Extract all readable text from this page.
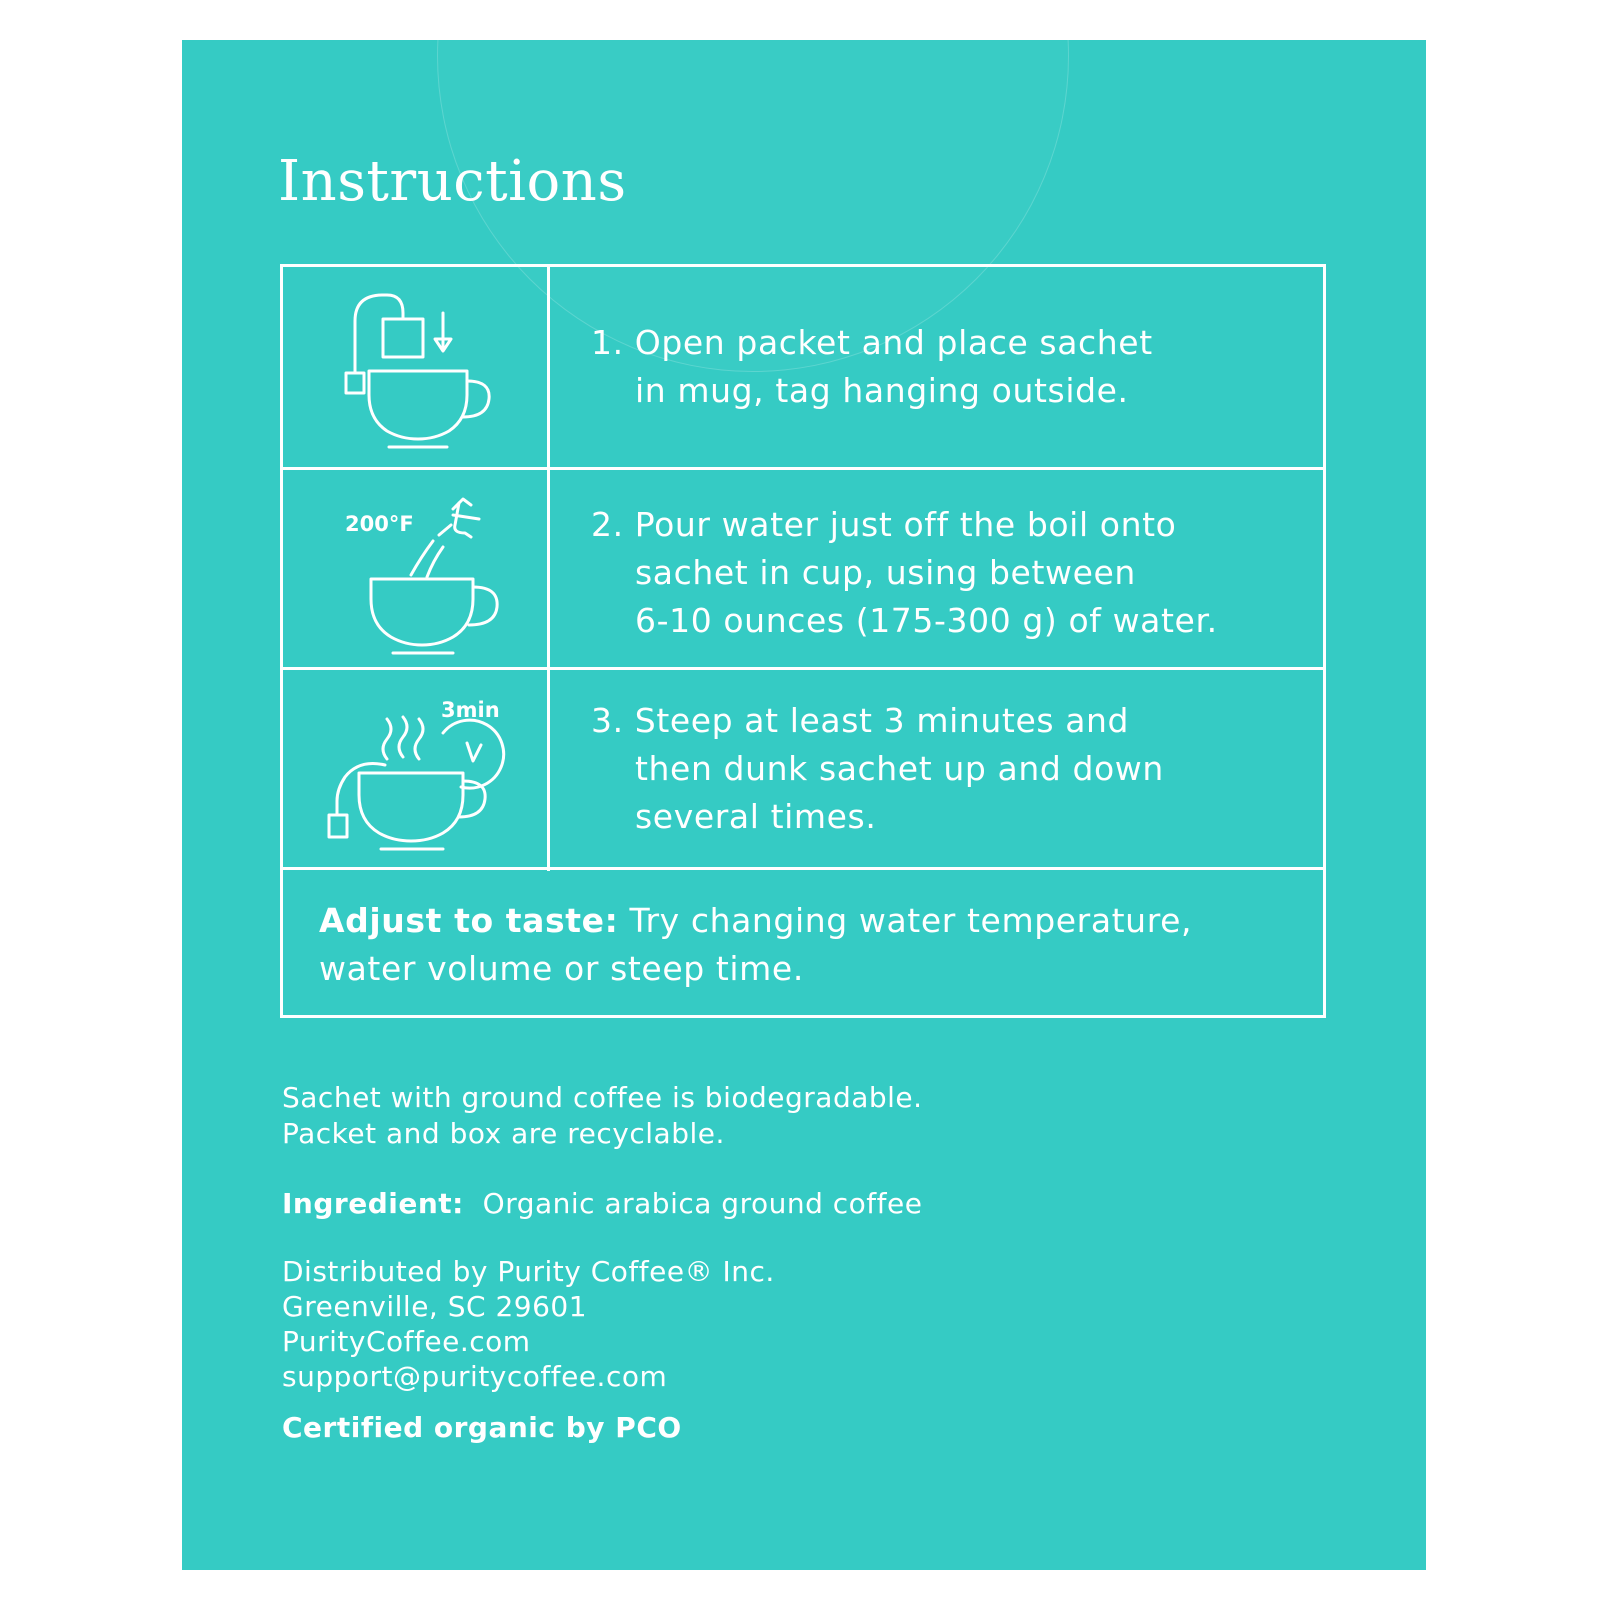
Instructions
200°F
3min

1. Open packet and place sachet
in mug, tag hanging outside.

2. Pour water just off the boil onto
sachet in cup, using between
6-10 ounces (175-300 g) of water.

3. Steep at least 3 minutes and
then dunk sachet up and down
several times.

Adjust to taste: Try changing water temperature,
water volume or steep time.

Sachet with ground coffee is biodegradable.
Packet and box are recyclable.

Ingredient: Organic arabica ground coffee

Distributed by Purity Coffee® Inc.
Greenville, SC 29601
PurityCoffee.com
support@puritycoffee.com

Certified organic by PCO
